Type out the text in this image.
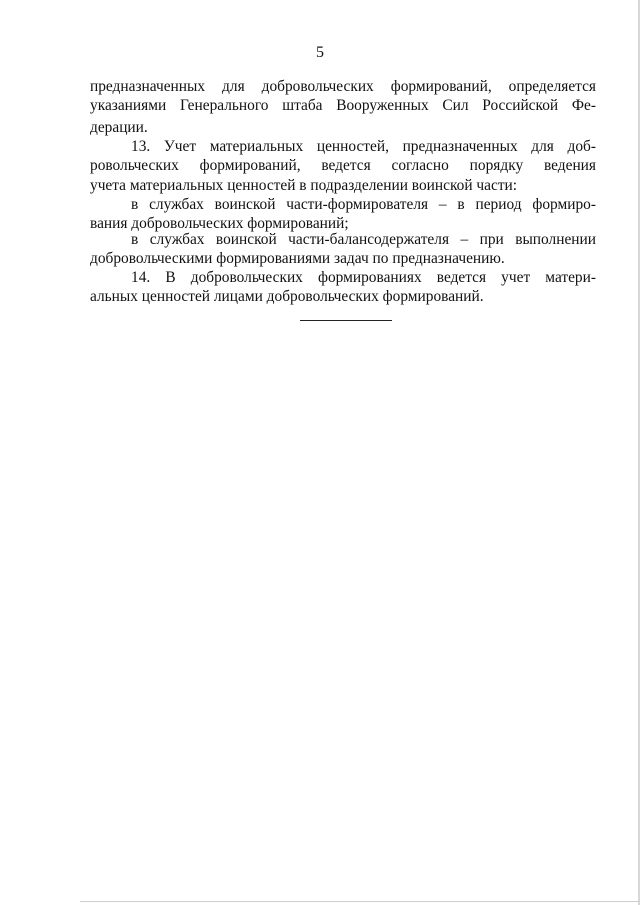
5
предназначенных для добровольческих формирований, определяется
указаниями Генерального штаба Вооруженных Сил Российской Фе-
дерации.
13. Учет материальных ценностей, предназначенных для доб-
ровольческих формирований, ведется согласно порядку ведения
учета материальных ценностей в подразделении воинской части:
в службах воинской части-формирователя – в период формиро-
вания добровольческих формирований;
в службах воинской части-балансодержателя – при выполнении
добровольческими формированиями задач по предназначению.
14. В добровольческих формированиях ведется учет матери-
альных ценностей лицами добровольческих формирований.
